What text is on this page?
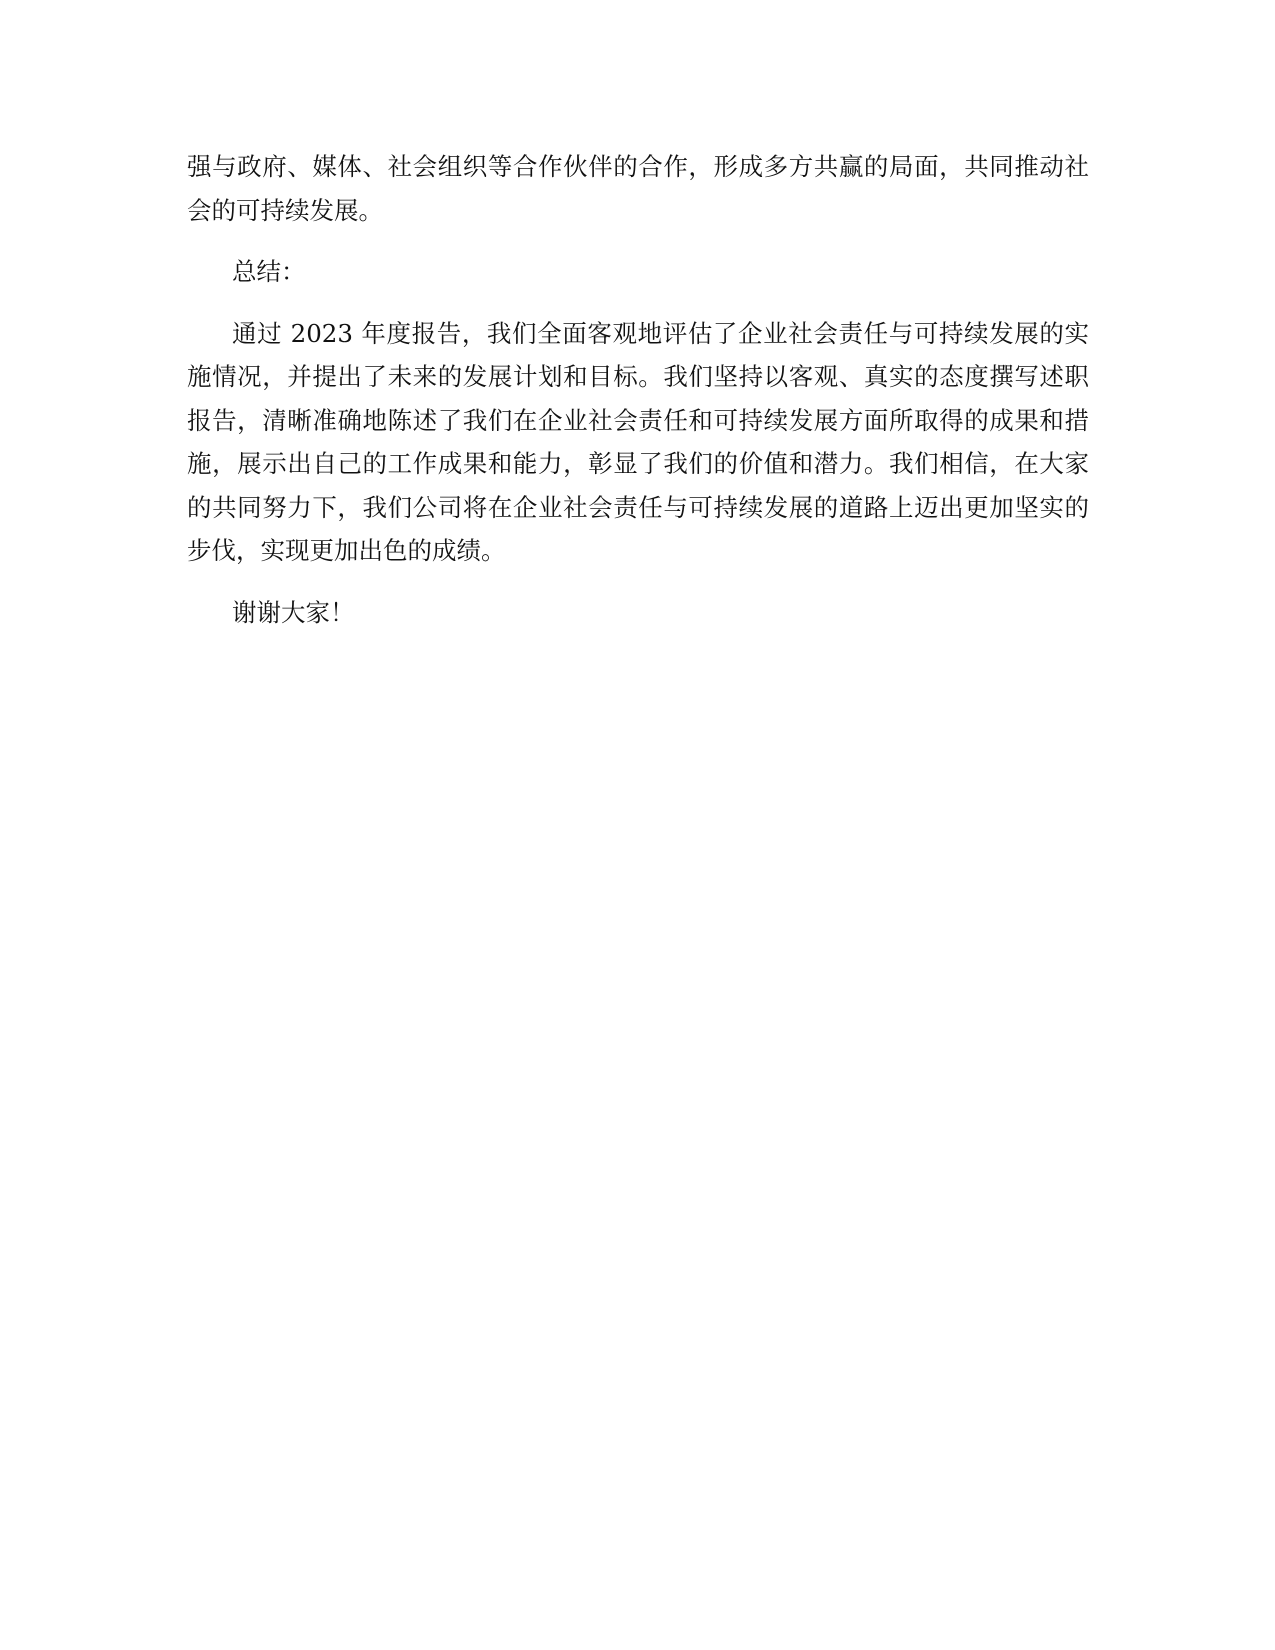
强与政府、媒体、社会组织等合作伙伴的合作，形成多方共赢的局面，共同推动社会的可持续发展。

总结：

通过 2023 年度报告，我们全面客观地评估了企业社会责任与可持续发展的实施情况，并提出了未来的发展计划和目标。我们坚持以客观、真实的态度撰写述职报告，清晰准确地陈述了我们在企业社会责任和可持续发展方面所取得的成果和措施，展示出自己的工作成果和能力，彰显了我们的价值和潜力。我们相信，在大家的共同努力下，我们公司将在企业社会责任与可持续发展的道路上迈出更加坚实的步伐，实现更加出色的成绩。

谢谢大家！
